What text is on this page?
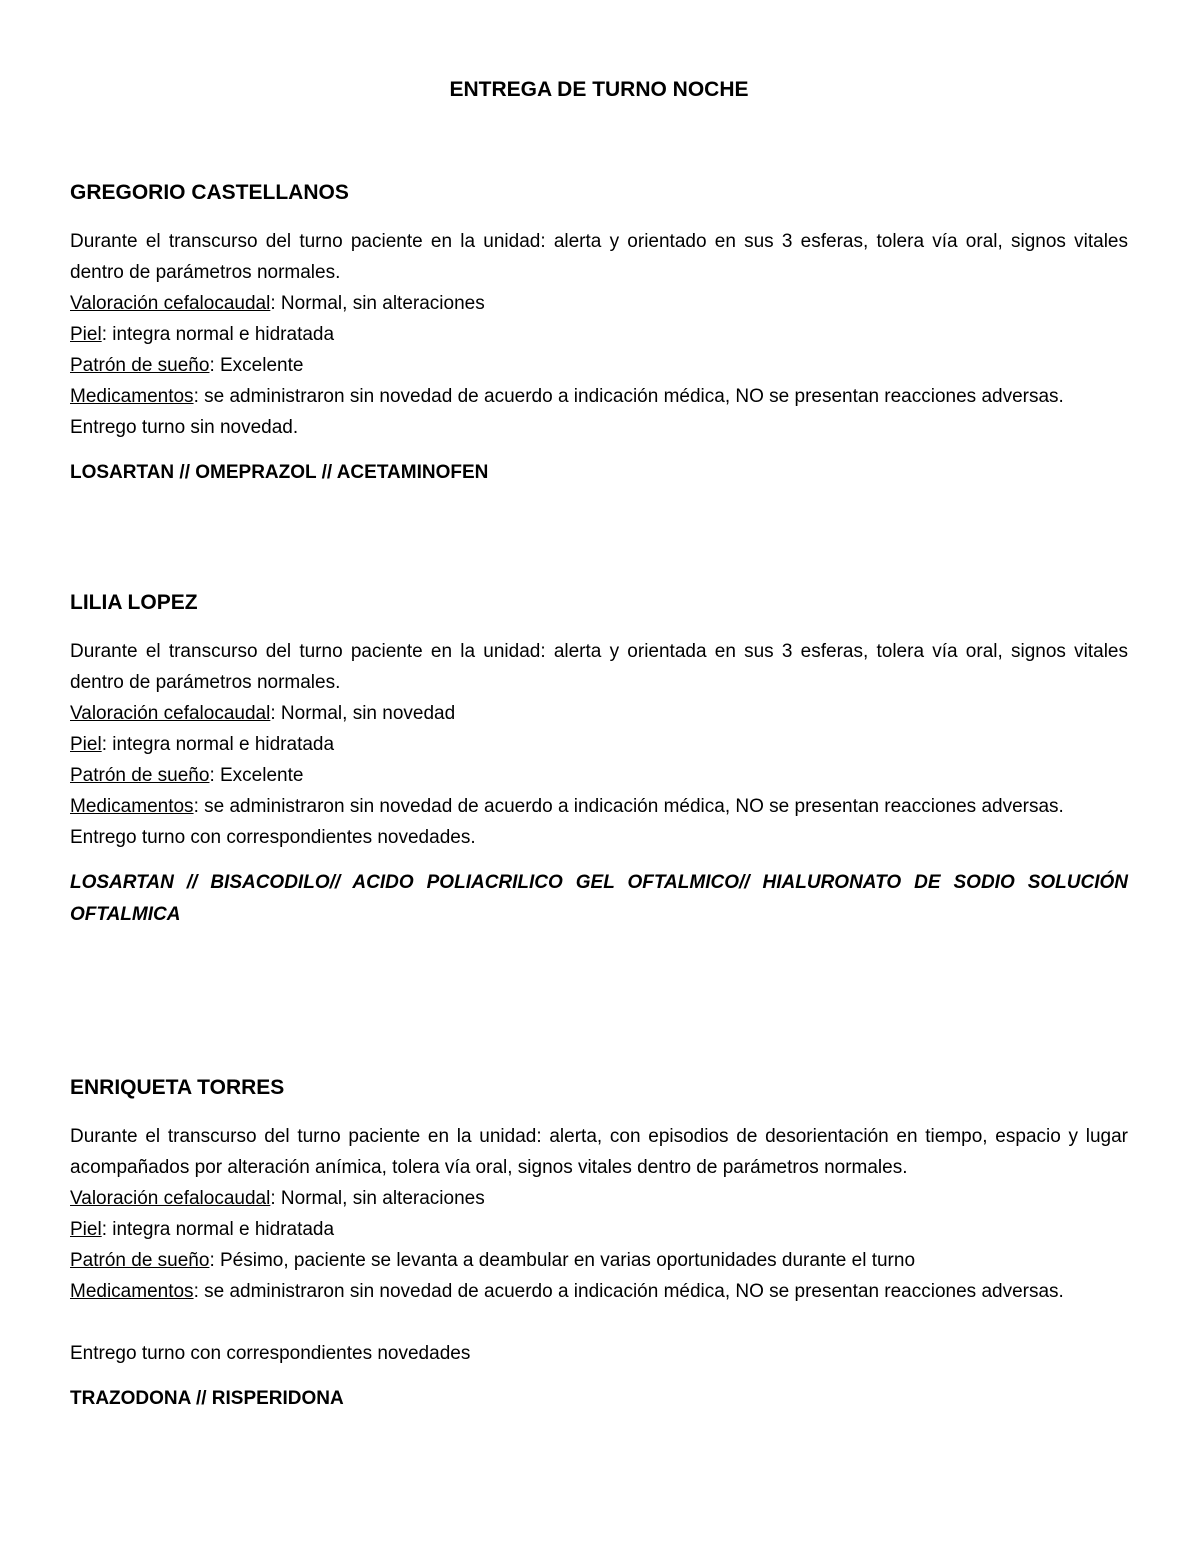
ENTREGA DE TURNO NOCHE

GREGORIO CASTELLANOS

Durante el transcurso del turno paciente en la unidad: alerta y orientado en sus 3 esferas, tolera vía oral, signos vitales dentro de parámetros normales.

Valoración cefalocaudal: Normal, sin alteraciones

Piel: integra normal e hidratada

Patrón de sueño: Excelente

Medicamentos: se administraron sin novedad de acuerdo a indicación médica, NO se presentan reacciones adversas.

Entrego turno sin novedad.

LOSARTAN // OMEPRAZOL // ACETAMINOFEN

LILIA LOPEZ

Durante el transcurso del turno paciente en la unidad: alerta y orientada en sus 3 esferas, tolera vía oral, signos vitales dentro de parámetros normales.

Valoración cefalocaudal: Normal, sin novedad

Piel: integra normal e hidratada

Patrón de sueño: Excelente

Medicamentos: se administraron sin novedad de acuerdo a indicación médica, NO se presentan reacciones adversas.

Entrego turno con correspondientes novedades.

LOSARTAN // BISACODILO// ACIDO POLIACRILICO GEL OFTALMICO// HIALURONATO DE SODIO SOLUCIÓN OFTALMICA

ENRIQUETA TORRES

Durante el transcurso del turno paciente en la unidad: alerta, con episodios de desorientación en tiempo, espacio y lugar acompañados por alteración anímica, tolera vía oral, signos vitales dentro de parámetros normales.

Valoración cefalocaudal: Normal, sin alteraciones

Piel: integra normal e hidratada

Patrón de sueño: Pésimo, paciente se levanta a deambular en varias oportunidades durante el turno

Medicamentos: se administraron sin novedad de acuerdo a indicación médica, NO se presentan reacciones adversas.

Entrego turno con correspondientes novedades

TRAZODONA // RISPERIDONA
